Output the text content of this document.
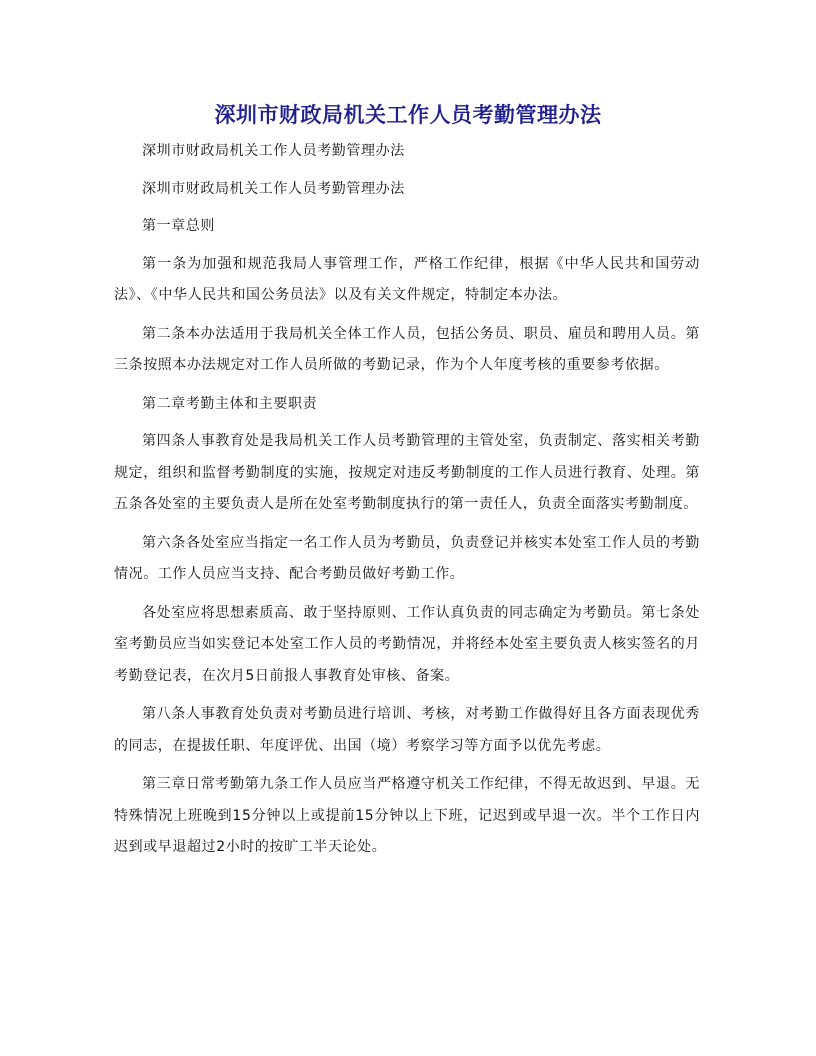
深圳市财政局机关工作人员考勤管理办法

深圳市财政局机关工作人员考勤管理办法

深圳市财政局机关工作人员考勤管理办法

第一章总则

第一条为加强和规范我局人事管理工作，严格工作纪律，根据《中华人民共和国劳动法》、《中华人民共和国公务员法》以及有关文件规定，特制定本办法。

第二条本办法适用于我局机关全体工作人员，包括公务员、职员、雇员和聘用人员。第三条按照本办法规定对工作人员所做的考勤记录，作为个人年度考核的重要参考依据。

第二章考勤主体和主要职责

第四条人事教育处是我局机关工作人员考勤管理的主管处室，负责制定、落实相关考勤规定，组织和监督考勤制度的实施，按规定对违反考勤制度的工作人员进行教育、处理。第五条各处室的主要负责人是所在处室考勤制度执行的第一责任人，负责全面落实考勤制度。

第六条各处室应当指定一名工作人员为考勤员，负责登记并核实本处室工作人员的考勤情况。工作人员应当支持、配合考勤员做好考勤工作。

各处室应将思想素质高、敢于坚持原则、工作认真负责的同志确定为考勤员。第七条处室考勤员应当如实登记本处室工作人员的考勤情况，并将经本处室主要负责人核实签名的月考勤登记表，在次月5日前报人事教育处审核、备案。

第八条人事教育处负责对考勤员进行培训、考核，对考勤工作做得好且各方面表现优秀的同志，在提拔任职、年度评优、出国（境）考察学习等方面予以优先考虑。

第三章日常考勤第九条工作人员应当严格遵守机关工作纪律，不得无故迟到、早退。无特殊情况上班晚到15分钟以上或提前15分钟以上下班，记迟到或早退一次。半个工作日内迟到或早退超过2小时的按旷工半天论处。
